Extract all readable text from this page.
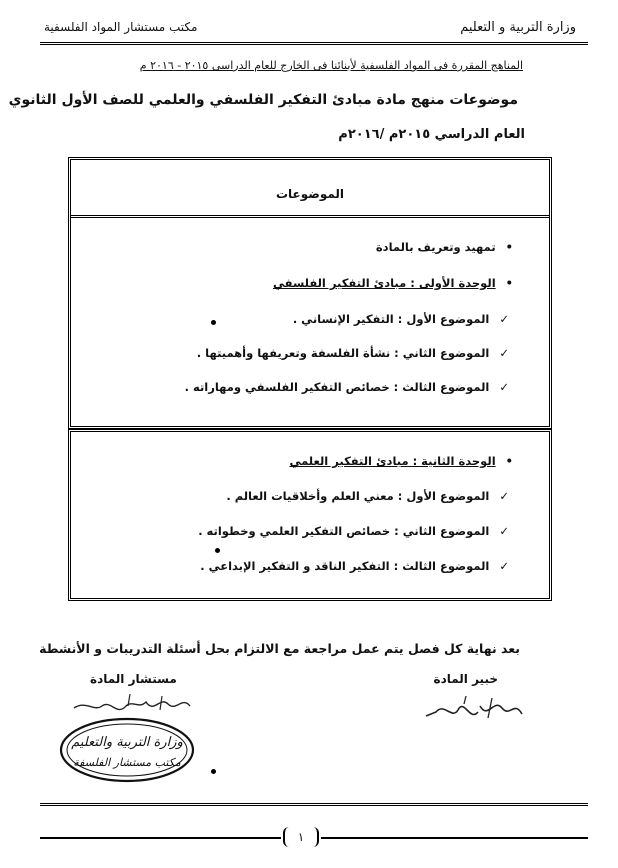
وزارة التربية و التعليم
مكتب مستشار المواد الفلسفية
المناهج المقررة فى المواد الفلسفية لأبنائنا فى الخارج للعام الدراسى ٢٠١٥ - ٢٠١٦ م
موضوعات منهج مادة مبادئ التفكير الفلسفي والعلمي للصف الأول الثانوي
العام الدراسي ٢٠١٥م /٢٠١٦م
الموضوعات
•تمهيد وتعريف بالمادة
•الوحدة الأولى : مبادئ التفكير الفلسفي
✓الموضوع الأول : التفكير الإنساني .
✓الموضوع الثاني : نشأة الفلسفة وتعريفها وأهميتها .
✓الموضوع الثالث : خصائص التفكير الفلسفي ومهاراته .
•الوحدة الثانية : مبادئ التفكير العلمي
✓الموضوع الأول : معني العلم وأخلاقيات العالم .
✓الموضوع الثاني : خصائص التفكير العلمي وخطواته .
✓الموضوع الثالث : التفكير الناقد و التفكير الإبداعي .
بعد نهاية كل فصل يتم عمل مراجعة مع الالتزام بحل أسئلة التدريبات و الأنشطة
خبير المادة
مستشار المادة
وزارة التربية والتعليم
مكتب مستشار الفلسفة
١
